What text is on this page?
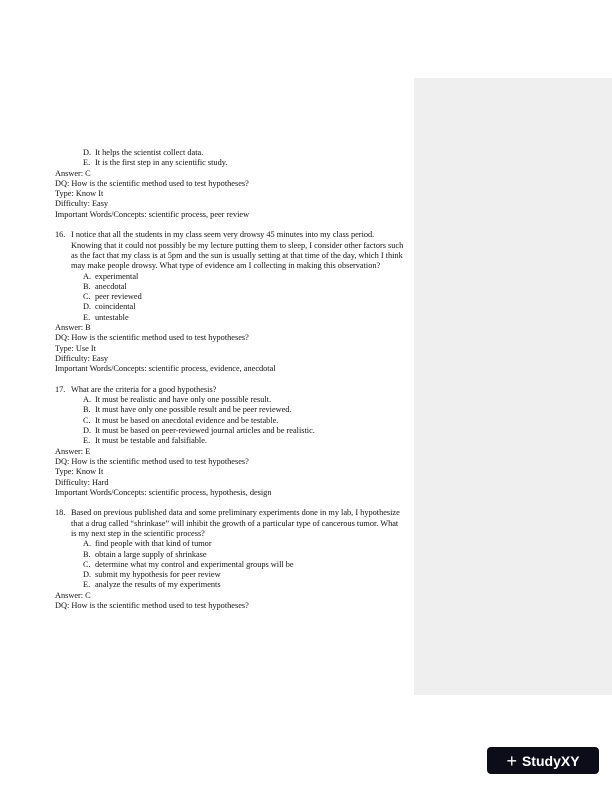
D. It helps the scientist collect data.
E. It is the first step in any scientific study.
Answer: C
DQ: How is the scientific method used to test hypotheses?
Type: Know It
Difficulty: Easy
Important Words/Concepts: scientific process, peer review
16. I notice that all the students in my class seem very drowsy 45 minutes into my class period. Knowing that it could not possibly be my lecture putting them to sleep, I consider other factors such as the fact that my class is at 5pm and the sun is usually setting at that time of the day, which I think may make people drowsy. What type of evidence am I collecting in making this observation?
A. experimental
B. anecdotal
C. peer reviewed
D. coincidental
E. untestable
Answer: B
DQ: How is the scientific method used to test hypotheses?
Type: Use It
Difficulty: Easy
Important Words/Concepts: scientific process, evidence, anecdotal
17. What are the criteria for a good hypothesis?
A. It must be realistic and have only one possible result.
B. It must have only one possible result and be peer reviewed.
C. It must be based on anecdotal evidence and be testable.
D. It must be based on peer-reviewed journal articles and be realistic.
E. It must be testable and falsifiable.
Answer: E
DQ: How is the scientific method used to test hypotheses?
Type: Know It
Difficulty: Hard
Important Words/Concepts: scientific process, hypothesis, design
18. Based on previous published data and some preliminary experiments done in my lab, I hypothesize that a drug called “shrinkase” will inhibit the growth of a particular type of cancerous tumor. What is my next step in the scientific process?
A. find people with that kind of tumor
B. obtain a large supply of shrinkase
C. determine what my control and experimental groups will be
D. submit my hypothesis for peer review
E. analyze the results of my experiments
Answer: C
DQ: How is the scientific method used to test hypotheses?
+ StudyXY
